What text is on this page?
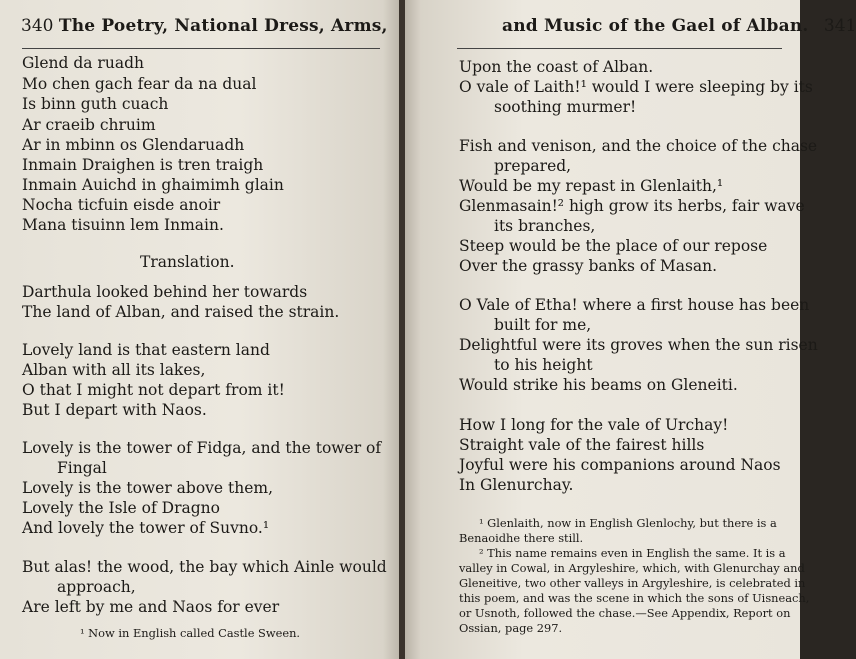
340 The Poetry, National Dress, Arms,
Glend da ruadh
Mo chen gach fear da na dual
Is binn guth cuach
Ar craeib chruim
Ar in mbinn os Glendaruadh
Inmain Draighen is tren traigh
Inmain Auichd in ghaimimh glain
Nocha ticfuin eisde anoir
Mana tisuinn lem Inmain.
Translation.
Darthula looked behind her towards
The land of Alban, and raised the strain.
Lovely land is that eastern land
Alban with all its lakes,
O that I might not depart from it!
But I depart with Naos.
Lovely is the tower of Fidga, and the tower of
Fingal
Lovely is the tower above them,
Lovely the Isle of Dragno
And lovely the tower of Suvno.¹
But alas! the wood, the bay which Ainle would
approach,
Are left by me and Naos for ever
¹ Now in English called Castle Sween.
and Music of the Gael of Alban. 341
Upon the coast of Alban.
O vale of Laith!¹ would I were sleeping by its
soothing murmer!
Fish and venison, and the choice of the chase
prepared,
Would be my repast in Glenlaith,¹
Glenmasain!² high grow its herbs, fair wave
its branches,
Steep would be the place of our repose
Over the grassy banks of Masan.
O Vale of Etha! where a first house has been
built for me,
Delightful were its groves when the sun risen
to his height
Would strike his beams on Gleneiti.
How I long for the vale of Urchay!
Straight vale of the fairest hills
Joyful were his companions around Naos
In Glenurchay.
¹ Glenlaith, now in English Glenlochy, but there is a
Benaoidhe there still.
² This name remains even in English the same. It is a
valley in Cowal, in Argyleshire, which, with Glenurchay and
Gleneitive, two other valleys in Argyleshire, is celebrated in
this poem, and was the scene in which the sons of Uisneach,
or Usnoth, followed the chase.—See Appendix, Report on
Ossian, page 297.
